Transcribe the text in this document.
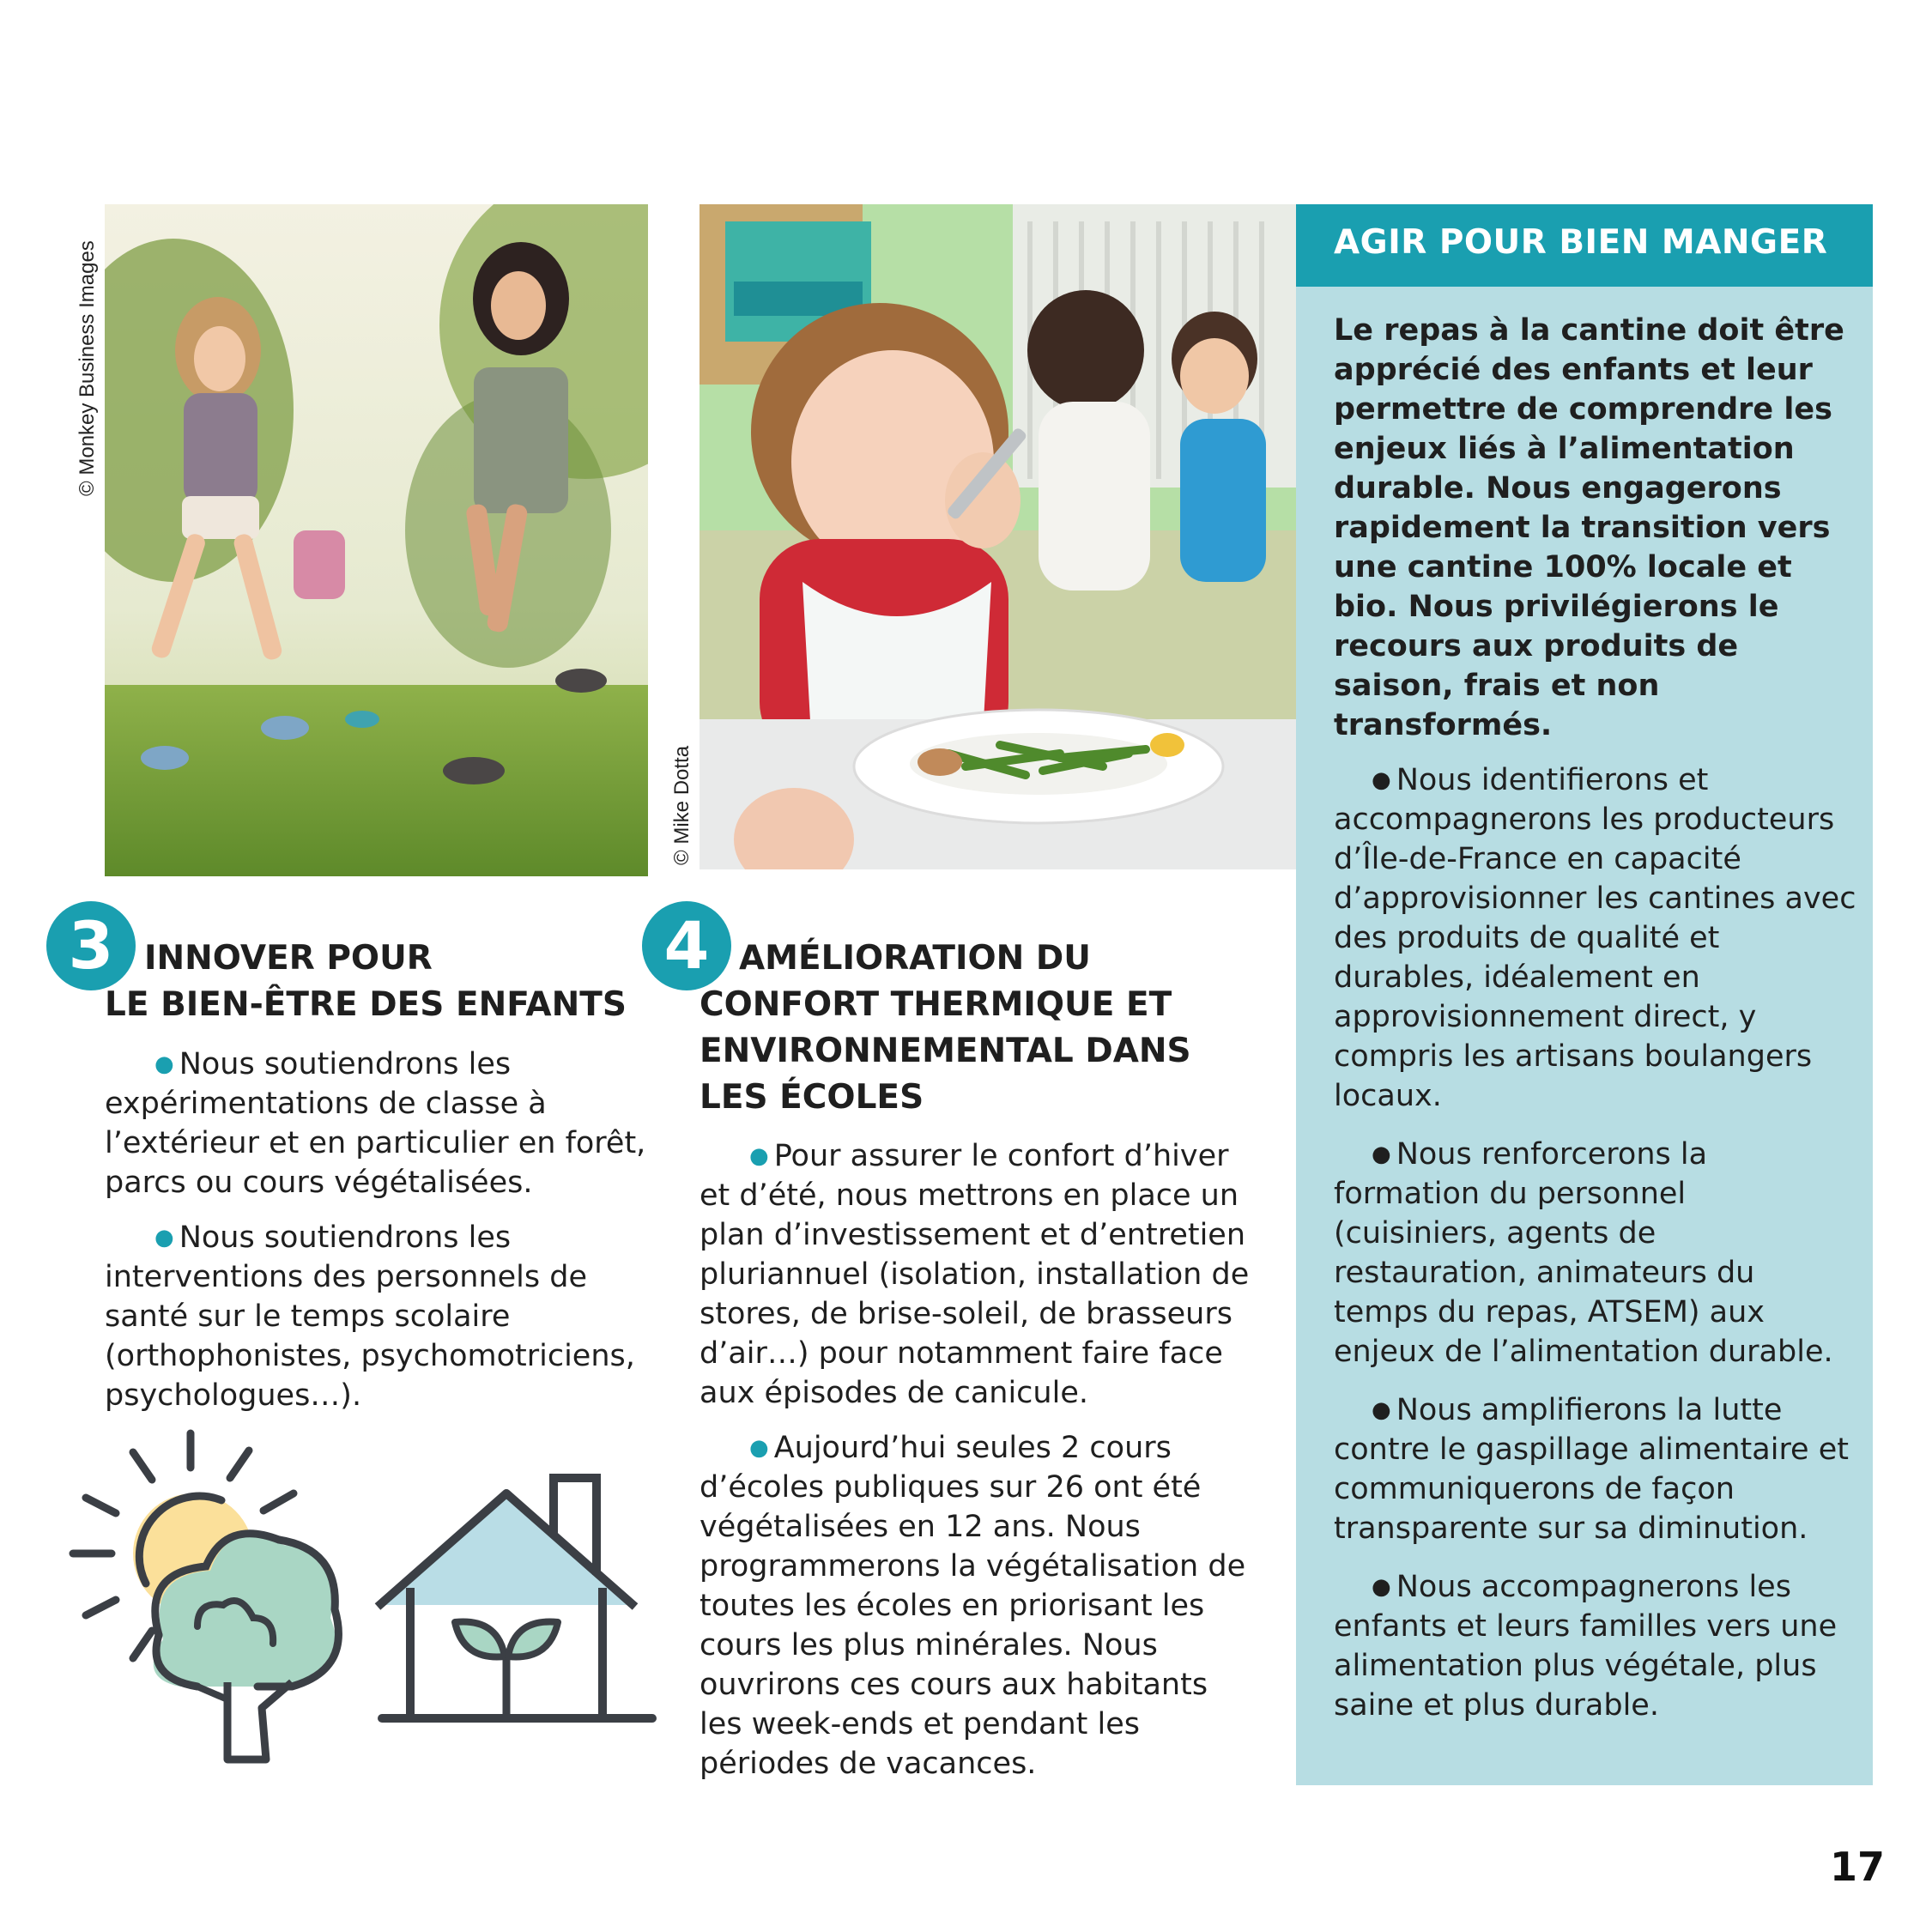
© Monkey Business Images
© Mike Dotta
3 INNOVER POUR
LE BIEN-ÊTRE DES ENFANTS

● Nous soutiendrons les expérimentations de classe à l’extérieur et en particulier en forêt, parcs ou cours végétalisées.

● Nous soutiendrons les interventions des personnels de santé sur le temps scolaire (orthophonistes, psychomotriciens, psychologues…).

4 AMÉLIORATION DU
CONFORT THERMIQUE ET
ENVIRONNEMENTAL DANS
LES ÉCOLES

● Pour assurer le confort d’hiver et d’été, nous mettrons en place un plan d’investissement et d’entretien pluriannuel (isolation, installation de stores, de brise-soleil, de brasseurs d’air…) pour notamment faire face aux épisodes de canicule.

● Aujourd’hui seules 2 cours d’écoles publiques sur 26 ont été végétalisées en 12 ans. Nous programmerons la végétalisation de toutes les écoles en priorisant les cours les plus minérales. Nous ouvrirons ces cours aux habitants les week-ends et pendant les périodes de vacances.

AGIR POUR BIEN MANGER

Le repas à la cantine doit être apprécié des enfants et leur permettre de comprendre les enjeux liés à l’alimentation durable. Nous engagerons rapidement la transition vers une cantine 100% locale et bio. Nous privilégierons le recours aux produits de saison, frais et non transformés.

● Nous identifierons et accompagnerons les producteurs d’Île-de-France en capacité d’approvisionner les cantines avec des produits de qualité et durables, idéalement en approvisionnement direct, y compris les artisans boulangers locaux.

● Nous renforcerons la formation du personnel (cuisiniers, agents de restauration, animateurs du temps du repas, ATSEM) aux enjeux de l’alimentation durable.

● Nous amplifierons la lutte contre le gaspillage alimentaire et communiquerons de façon transparente sur sa diminution.

● Nous accompagnerons les enfants et leurs familles vers une alimentation plus végétale, plus saine et plus durable.

17
